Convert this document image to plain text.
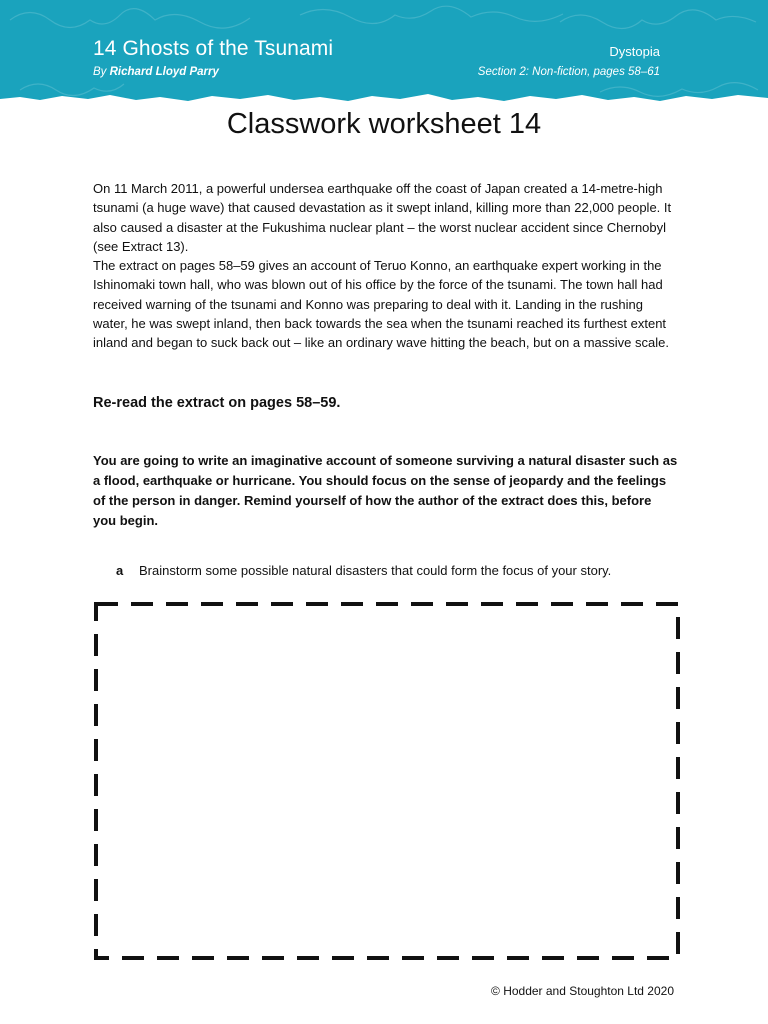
14 Ghosts of the Tsunami
By Richard Lloyd Parry
Dystopia
Section 2: Non-fiction, pages 58–61
Classwork worksheet 14

On 11 March 2011, a powerful undersea earthquake off the coast of Japan created a 14-metre-high tsunami (a huge wave) that caused devastation as it swept inland, killing more than 22,000 people. It also caused a disaster at the Fukushima nuclear plant – the worst nuclear accident since Chernobyl (see Extract 13).

The extract on pages 58–59 gives an account of Teruo Konno, an earthquake expert working in the Ishinomaki town hall, who was blown out of his office by the force of the tsunami. The town hall had received warning of the tsunami and Konno was preparing to deal with it. Landing in the rushing water, he was swept inland, then back towards the sea when the tsunami reached its furthest extent inland and began to suck back out – like an ordinary wave hitting the beach, but on a massive scale.

Re-read the extract on pages 58–59.
You are going to write an imaginative account of someone surviving a natural disaster such as a flood, earthquake or hurricane. You should focus on the sense of jeopardy and the feelings of the person in danger. Remind yourself of how the author of the extract does this, before you begin.
a Brainstorm some possible natural disasters that could form the focus of your story.
© Hodder and Stoughton Ltd 2020
